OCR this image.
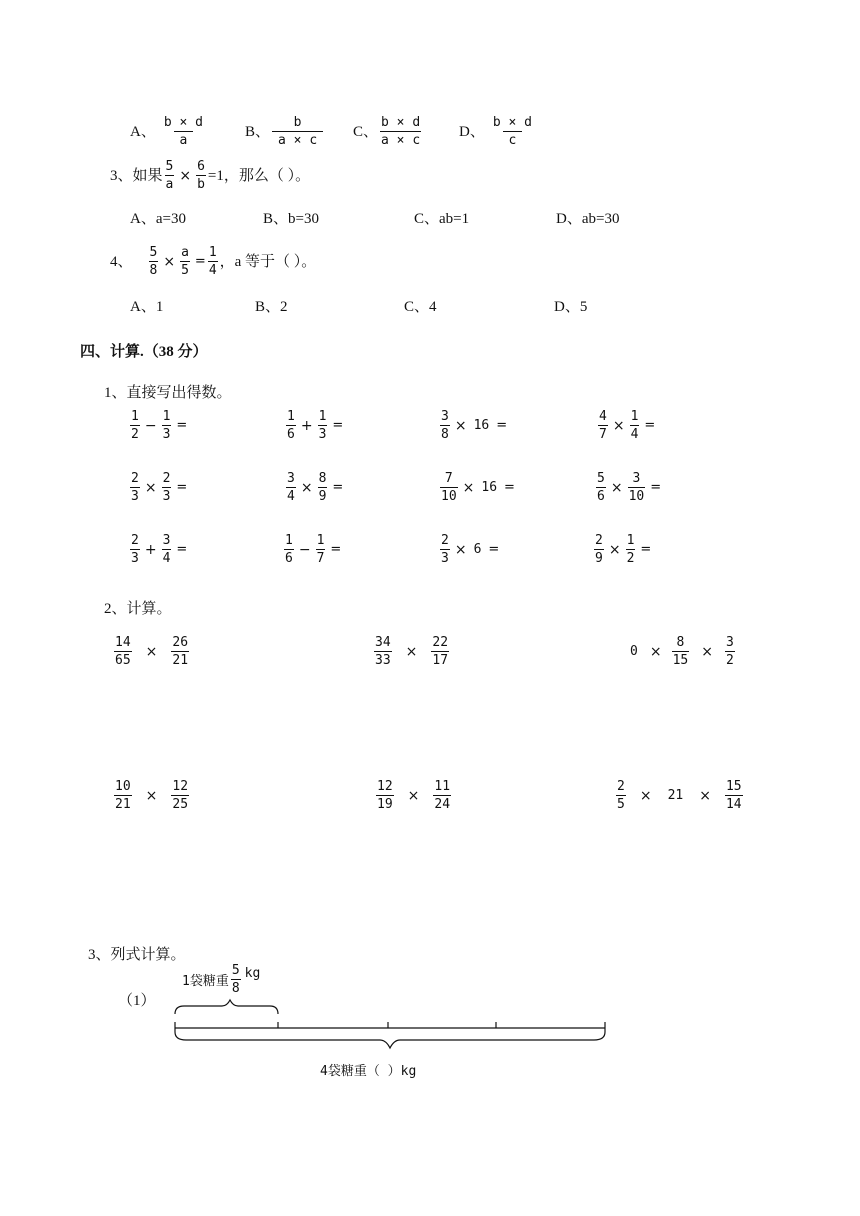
A、 $\frac{b \times d}{a}$ B、 $\frac{b}{a \times c}$ C、 $\frac{b \times d}{a \times c}$	D、 $\frac{b \times d}{c}$
3、如果 $\frac{5}{a} \times \frac{6}{b} =1$，那么（ ）。
A、a=30	B、b=30	C、ab=1	D、ab=30
4、 $\frac{5}{8} \times \frac{a}{5} = \frac{1}{4}$ ，a 等于（ ）。
A、1	B、2	C、4	D、5
四、计算.（38 分）
1、直接写出得数。
$\frac{1}{2} - \frac{1}{3}$ =	$\frac{1}{6} + \frac{1}{3}$ =	$\frac{3}{8} \times 16$ =	$\frac{4}{7} \times \frac{1}{4}$ =
$\frac{2}{3} \times \frac{2}{3}$ =	$\frac{3}{4} \times \frac{8}{9}$ =	$\frac{7}{10} \times 16$ =	$\frac{5}{6} \times \frac{3}{10}$ =
$\frac{2}{3} + \frac{3}{4}$ =	$\frac{1}{6} - \frac{1}{7}$ =	$\frac{2}{3} \times 6$ =	$\frac{2}{9} \times \frac{1}{2}$ =
2、计算。
$\frac{14}{65} \times \frac{26}{21}$	$\frac{34}{33} \times \frac{22}{17}$	$0 \times \frac{8}{15} \times \frac{3}{2}$
$\frac{10}{21} \times \frac{12}{25}$	$\frac{12}{19} \times \frac{11}{24}$	$\frac{2}{5} \times 21 \times \frac{15}{14}$
3、列式计算。
（1）
1袋糖重 $\frac{5}{8}$ kg
4袋糖重（ ）kg
